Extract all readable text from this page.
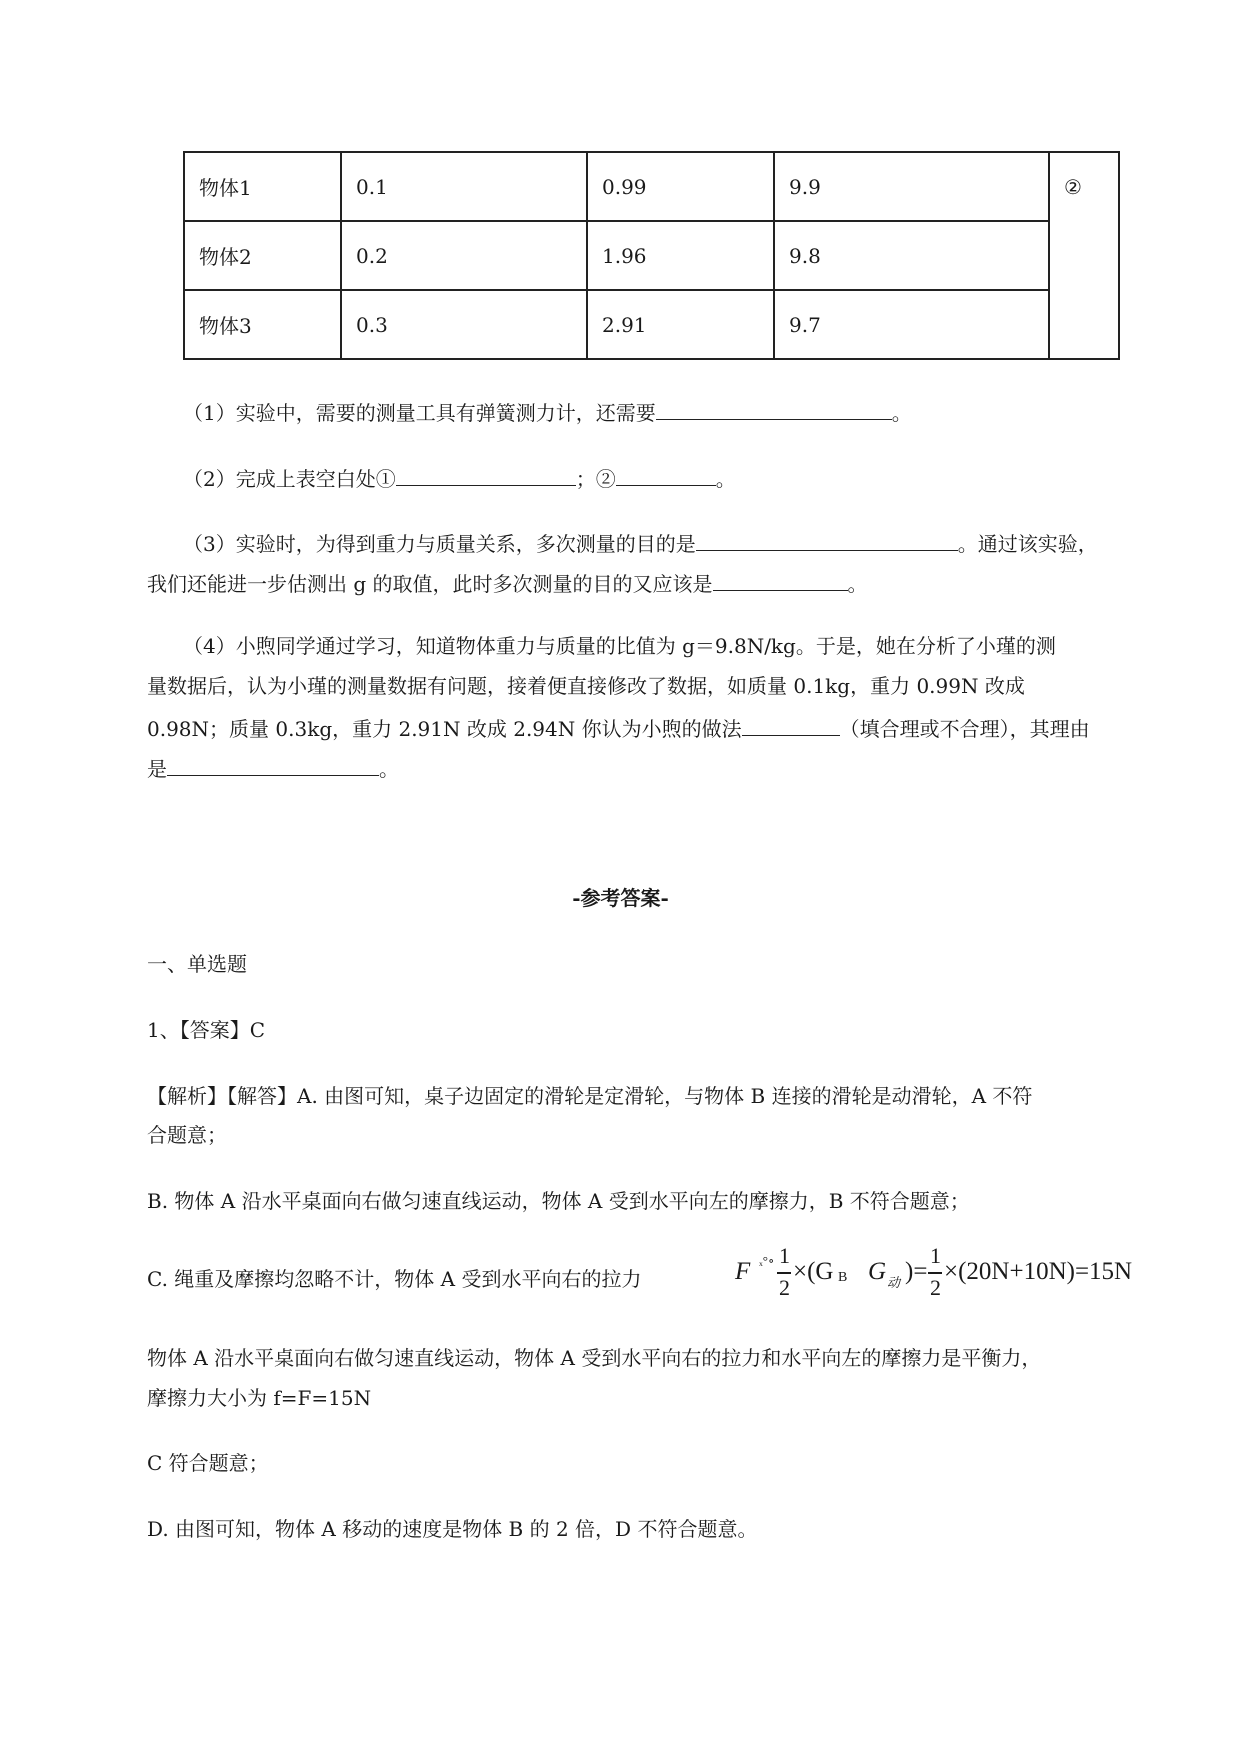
物体1	0.1	0.99	9.9	②
物体2	0.2	1.96	9.8	
物体3	0.3	2.91	9.7	
（1）实验中，需要的测量工具有弹簧测力计，还需要	。
（2）完成上表空白处①	；②	。
（3）实验时，为得到重力与质量关系，多次测量的目的是	。通过该实验，
我们还能进一步估测出 g 的取值，此时多次测量的目的又应该是	。
（4）小煦同学通过学习，知道物体重力与质量的比值为 g＝9.8N/kg。于是，她在分析了小瑾的测
量数据后，认为小瑾的测量数据有问题，接着便直接修改了数据，如质量 0.1kg，重力 0.99N 改成
0.98N；质量 0.3kg，重力 2.91N 改成 2.94N 你认为小煦的做法	（填合理或不合理），其理由
是	。
-参考答案-
一、单选题
1、【答案】C
【解析】【解答】A. 由图可知，桌子边固定的滑轮是定滑轮，与物体 B 连接的滑轮是动滑轮，A 不符
合题意；
B. 物体 A 沿水平桌面向右做匀速直线运动，物体 A 受到水平向左的摩擦力，B 不符合题意；
C. 绳重及摩擦均忽略不计，物体 A 受到水平向右的拉力	F ₓ°∘ 1
2
×(G B G 动 )=
1
2
×(20N+10N)=15N
物体 A 沿水平桌面向右做匀速直线运动，物体 A 受到水平向右的拉力和水平向左的摩擦力是平衡力，
摩擦力大小为 f=F=15N
C 符合题意；
D. 由图可知，物体 A 移动的速度是物体 B 的 2 倍，D 不符合题意。
